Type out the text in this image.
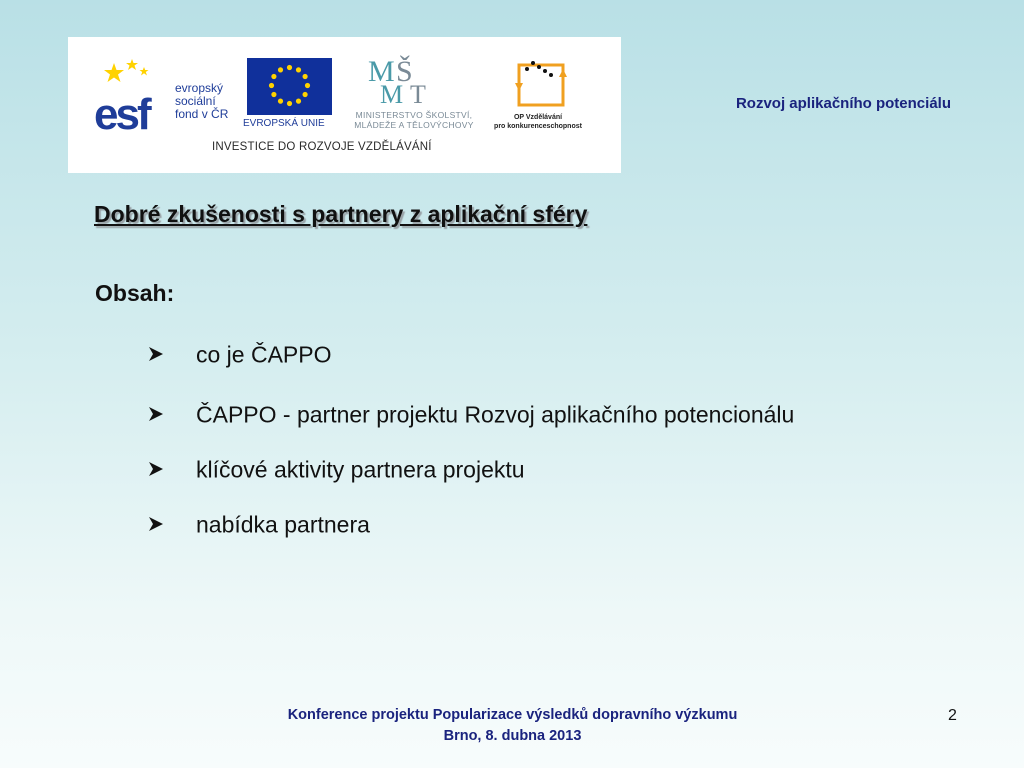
esf
evropský
sociální
fond v ČR
EVROPSKÁ UNIE
M Š
M T
MINISTERSTVO ŠKOLSTVÍ,
MLÁDEŽE A TĚLOVÝCHOVY
OP Vzdělávání
pro konkurenceschopnost
INVESTICE DO ROZVOJE VZDĚLÁVÁNÍ
Rozvoj aplikačního potenciálu
Dobré zkušenosti s partnery z aplikační sféry
Obsah:
co je ČAPPO
ČAPPO - partner projektu Rozvoj aplikačního potencionálu
klíčové aktivity partnera projektu
nabídka partnera
Konference projektu Popularizace výsledků dopravního výzkumu
Brno, 8. dubna 2013
2
